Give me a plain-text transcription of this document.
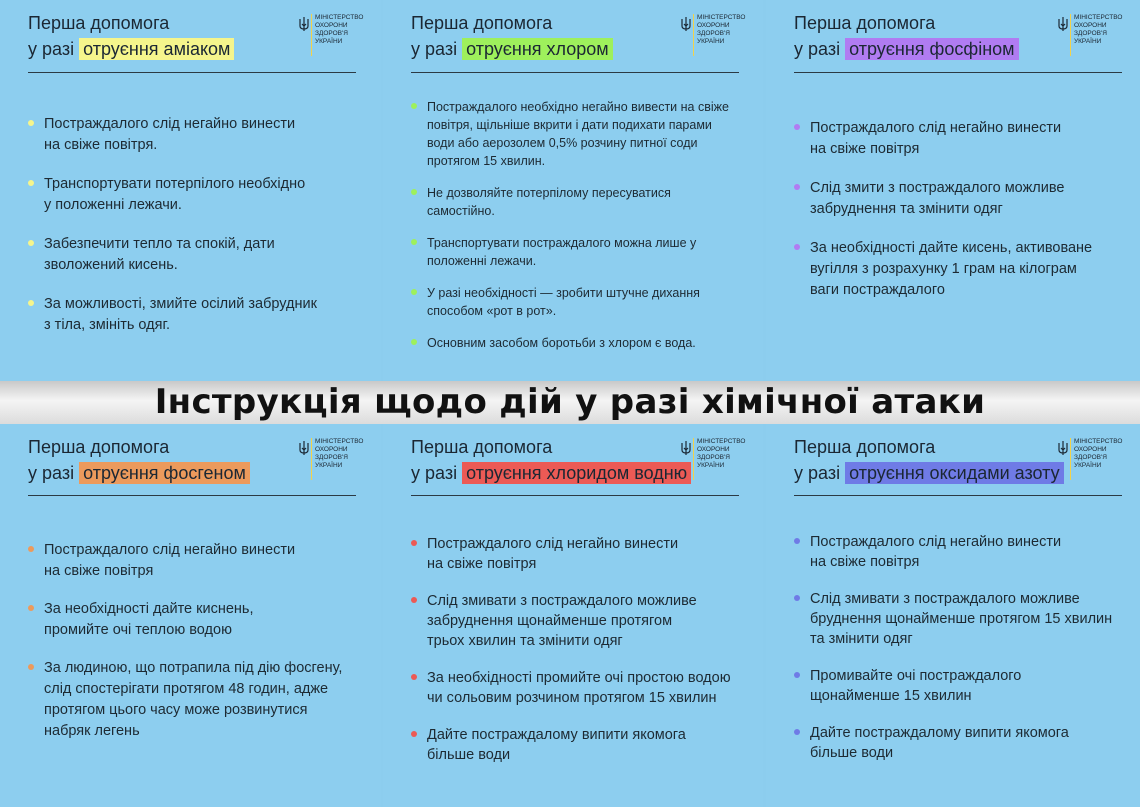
Перша допомога
у разі отруєння аміаком
МІНІСТЕРСТВО
ОХОРОНИ
ЗДОРОВ'Я
УКРАЇНИ
Постраждалого слід негайно винести
на свіже повітря.
Транспортувати потерпілого необхідно
у положенні лежачи.
Забезпечити тепло та спокій, дати
зволожений кисень.
За можливості, змийте осілий забрудник
з тіла, змініть одяг.
Перша допомога
у разі отруєння хлором
МІНІСТЕРСТВО
ОХОРОНИ
ЗДОРОВ'Я
УКРАЇНИ
Постраждалого необхідно негайно вивести на свіже
повітря, щільніше вкрити і дати подихати парами
води або аерозолем 0,5% розчину питної соди
протягом 15 хвилин.
Не дозволяйте потерпілому пересуватися
самостійно.
Транспортувати постраждалого можна лише у
положенні лежачи.
У разі необхідності — зробити штучне дихання
способом «рот в рот».
Основним засобом боротьби з хлором є вода.
Перша допомога
у разі отруєння фосфіном
МІНІСТЕРСТВО
ОХОРОНИ
ЗДОРОВ'Я
УКРАЇНИ
Постраждалого слід негайно винести
на свіже повітря
Слід змити з постраждалого можливе
забруднення та змінити одяг
За необхідності дайте кисень, активоване
вугілля з розрахунку 1 грам на кілограм
ваги постраждалого
Перша допомога
у разі отруєння фосгеном
МІНІСТЕРСТВО
ОХОРОНИ
ЗДОРОВ'Я
УКРАЇНИ
Постраждалого слід негайно винести
на свіже повітря
За необхідності дайте киснень,
промийте очі теплою водою
За людиною, що потрапила під дію фосгену,
слід спостерігати протягом 48 годин, адже
протягом цього часу може розвинутися
набряк легень
Перша допомога
у разі отруєння хлоридом водню
МІНІСТЕРСТВО
ОХОРОНИ
ЗДОРОВ'Я
УКРАЇНИ
Постраждалого слід негайно винести
на свіже повітря
Слід змивати з постраждалого можливе
забруднення щонайменше протягом
трьох хвилин та змінити одяг
За необхідності промийте очі простою водою
чи сольовим розчином протягом 15 хвилин
Дайте постраждалому випити якомога
більше води
Перша допомога
у разі отруєння оксидами азоту
МІНІСТЕРСТВО
ОХОРОНИ
ЗДОРОВ'Я
УКРАЇНИ
Постраждалого слід негайно винести
на свіже повітря
Слід змивати з постраждалого можливе
бруднення щонайменше протягом 15 хвилин
та змінити одяг
Промивайте очі постраждалого
щонайменше 15 хвилин
Дайте постраждалому випити якомога
більше води
Інструкція щодо дій у разі хімічної атаки
